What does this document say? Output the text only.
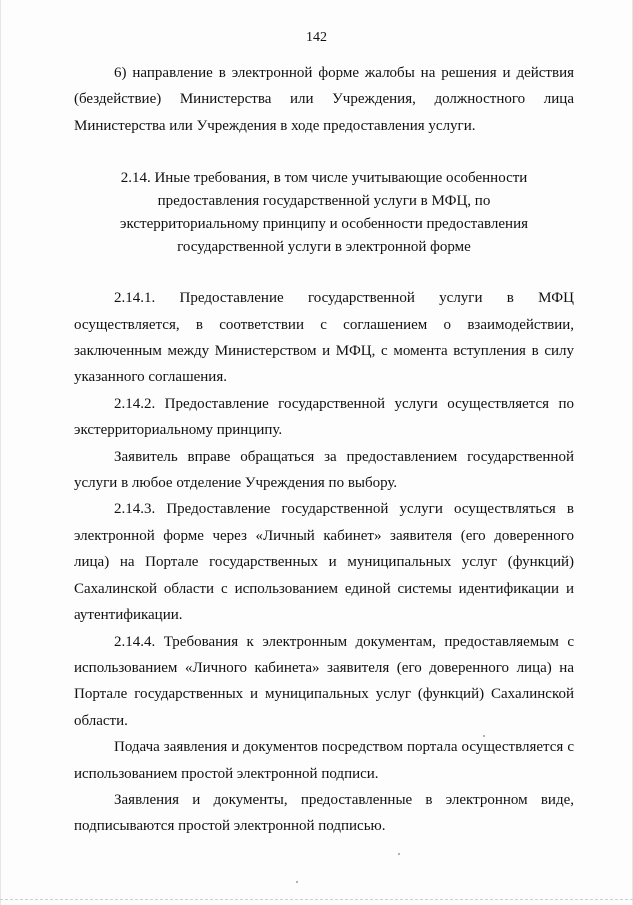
142

6) направление в электронной форме жалобы на решения и действия (бездействие) Министерства или Учреждения, должностного лица Министерства или Учреждения в ходе предоставления услуги.

2.14. Иные требования, в том числе учитывающие особенности предоставления государственной услуги в МФЦ, по экстерриториальному принципу и особенности предоставления государственной услуги в электронной форме

2.14.1. Предоставление государственной услуги в МФЦ осуществляется, в соответствии с соглашением о взаимодействии, заключенным между Министерством и МФЦ, с момента вступления в силу указанного соглашения.

2.14.2. Предоставление государственной услуги осуществляется по экстерриториальному принципу.

Заявитель вправе обращаться за предоставлением государственной услуги в любое отделение Учреждения по выбору.

2.14.3. Предоставление государственной услуги осуществляться в электронной форме через «Личный кабинет» заявителя (его доверенного лица) на Портале государственных и муниципальных услуг (функций) Сахалинской области с использованием единой системы идентификации и аутентификации.

2.14.4. Требования к электронным документам, предоставляемым с использованием «Личного кабинета» заявителя (его доверенного лица) на Портале государственных и муниципальных услуг (функций) Сахалинской области.

Подача заявления и документов посредством портала осуществляется с использованием простой электронной подписи.

Заявления и документы, предоставленные в электронном виде, подписываются простой электронной подписью.
